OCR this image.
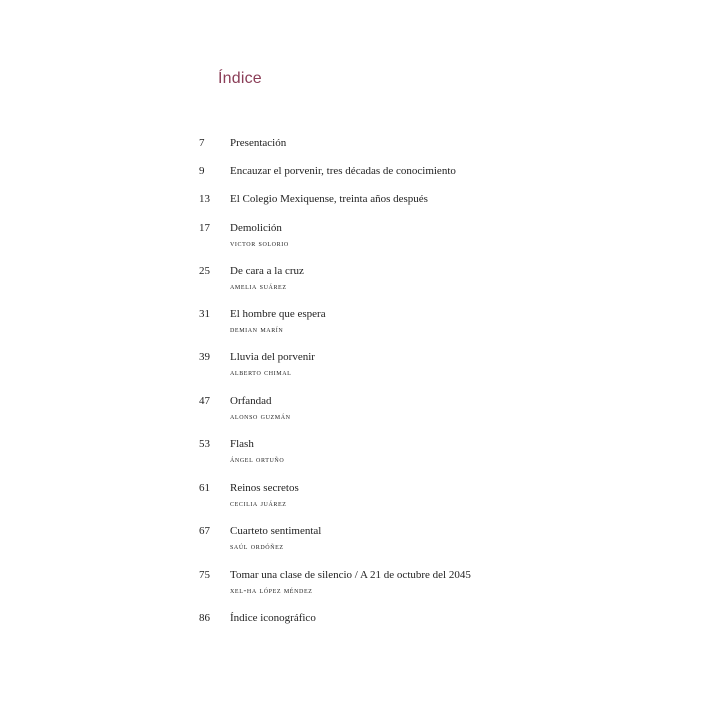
Índice
7 Presentación
9 Encauzar el porvenir, tres décadas de conocimiento
13 El Colegio Mexiquense, treinta años después
17 Demolición
victor solorio
25 De cara a la cruz
amelia suárez
31 El hombre que espera
demian marín
39 Lluvia del porvenir
alberto chimal
47 Orfandad
alonso guzmán
53 Flash
ángel ortuño
61 Reinos secretos
cecilia juárez
67 Cuarteto sentimental
saúl ordóñez
75 Tomar una clase de silencio / A 21 de octubre del 2045
xel-ha lópez méndez
86 Índice iconográfico
